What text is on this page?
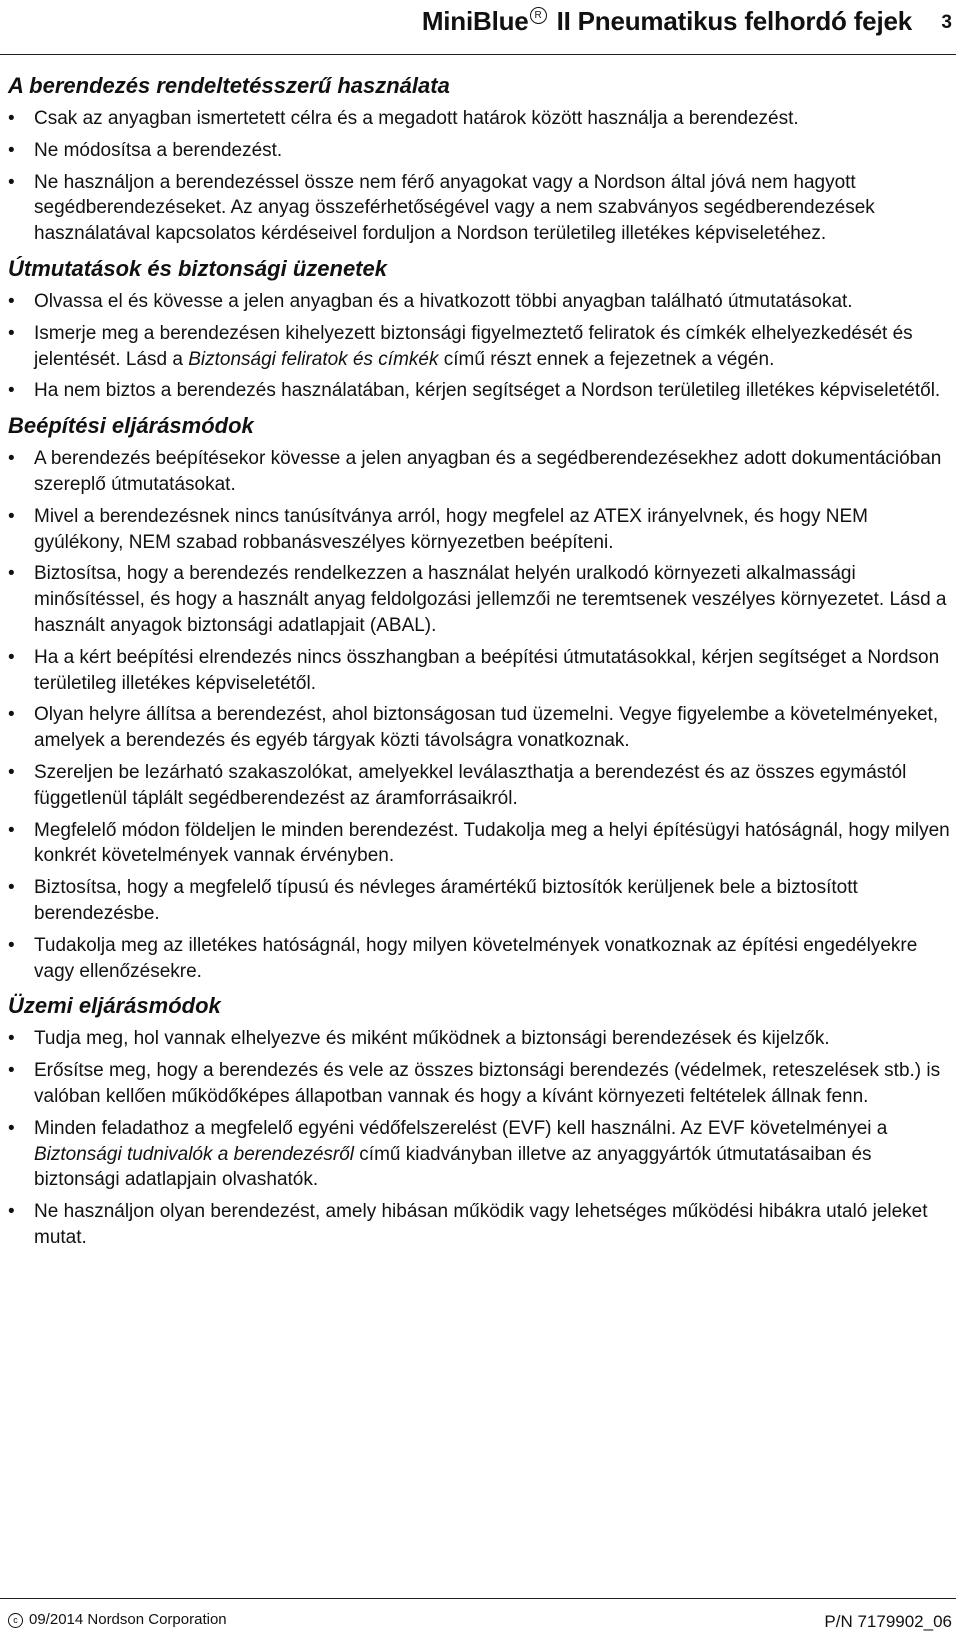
MiniBlue R II Pneumatikus felhordó fejek 3
A berendezés rendeltetésszerű használata
• Csak az anyagban ismertetett célra és a megadott határok között használja a berendezést.
• Ne módosítsa a berendezést.
• Ne használjon a berendezéssel össze nem férő anyagokat vagy a Nordson által jóvá nem hagyott segédberendezéseket. Az anyag összeférhetőségével vagy a nem szabványos segédberendezések használatával kapcsolatos kérdéseivel forduljon a Nordson területileg illetékes képviseletéhez.
Útmutatások és biztonsági üzenetek
• Olvassa el és kövesse a jelen anyagban és a hivatkozott többi anyagban található útmutatásokat.
• Ismerje meg a berendezésen kihelyezett biztonsági figyelmeztető feliratok és címkék elhelyezkedését és jelentését. Lásd a Biztonsági feliratok és címkék című részt ennek a fejezetnek a végén.
• Ha nem biztos a berendezés használatában, kérjen segítséget a Nordson területileg illetékes képviseletétől.
Beépítési eljárásmódok
• A berendezés beépítésekor kövesse a jelen anyagban és a segédberendezésekhez adott dokumentációban szereplő útmutatásokat.
• Mivel a berendezésnek nincs tanúsítványa arról, hogy megfelel az ATEX irányelvnek, és hogy NEM gyúlékony, NEM szabad robbanásveszélyes környezetben beépíteni.
• Biztosítsa, hogy a berendezés rendelkezzen a használat helyén uralkodó környezeti alkalmassági minősítéssel, és hogy a használt anyag feldolgozási jellemzői ne teremtsenek veszélyes környezetet. Lásd a használt anyagok biztonsági adatlapjait (ABAL).
• Ha a kért beépítési elrendezés nincs összhangban a beépítési útmutatásokkal, kérjen segítséget a Nordson területileg illetékes képviseletétől.
• Olyan helyre állítsa a berendezést, ahol biztonságosan tud üzemelni. Vegye figyelembe a követelményeket, amelyek a berendezés és egyéb tárgyak közti távolságra vonatkoznak.
• Szereljen be lezárható szakaszolókat, amelyekkel leválaszthatja a berendezést és az összes egymástól függetlenül táplált segédberendezést az áramforrásaikról.
• Megfelelő módon földeljen le minden berendezést. Tudakolja meg a helyi építésügyi hatóságnál, hogy milyen konkrét követelmények vannak érvényben.
• Biztosítsa, hogy a megfelelő típusú és névleges áramértékű biztosítók kerüljenek bele a biztosított berendezésbe.
• Tudakolja meg az illetékes hatóságnál, hogy milyen követelmények vonatkoznak az építési engedélyekre vagy ellenőzésekre.
Üzemi eljárásmódok
• Tudja meg, hol vannak elhelyezve és miként működnek a biztonsági berendezések és kijelzők.
• Erősítse meg, hogy a berendezés és vele az összes biztonsági berendezés (védelmek, reteszelések stb.) is valóban kellően működőképes állapotban vannak és hogy a kívánt környezeti feltételek állnak fenn.
• Minden feladathoz a megfelelő egyéni védőfelszerelést (EVF) kell használni. Az EVF követelményei a Biztonsági tudnivalók a berendezésről című kiadványban illetve az anyaggyártók útmutatásaiban és biztonsági adatlapjain olvashatók.
• Ne használjon olyan berendezést, amely hibásan működik vagy lehetséges működési hibákra utaló jeleket mutat.
c 09/2014 Nordson Corporation	P/N 7179902_06
